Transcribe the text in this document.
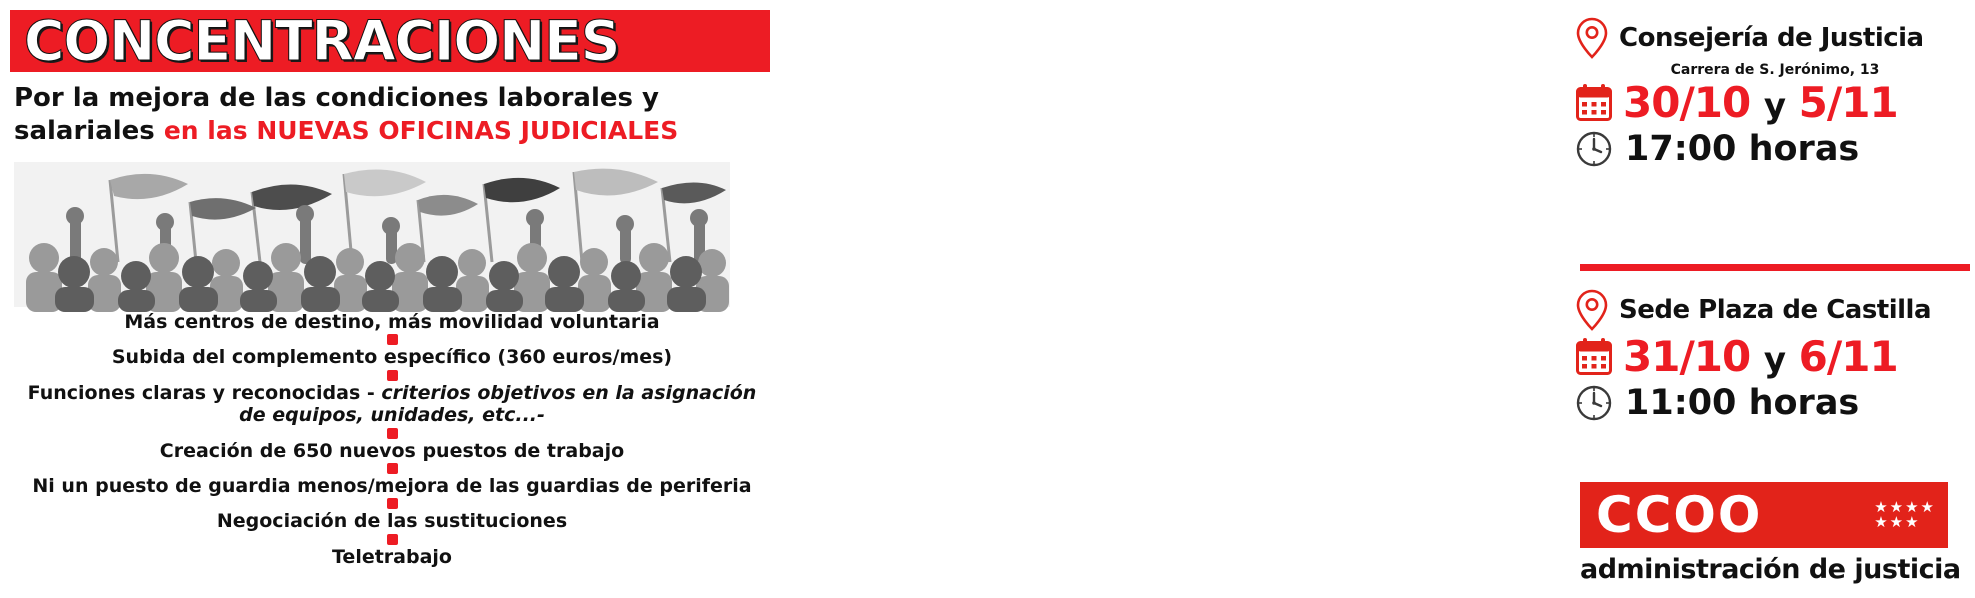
CONCENTRACIONES
Por la mejora de las condiciones laborales y
salariales en las NUEVAS OFICINAS JUDICIALES
Más centros de destino, más movilidad voluntaria
Subida del complemento específico (360 euros/mes)
Funciones claras y reconocidas - criterios objetivos en la asignación
de equipos, unidades, etc...-
Creación de 650 nuevos puestos de trabajo
Ni un puesto de guardia menos/mejora de las guardias de periferia
Negociación de las sustituciones
Teletrabajo
Consejería de Justicia
Carrera de S. Jerónimo, 13
30/10 y 5/11
17:00 horas
Sede Plaza de Castilla
31/10 y 6/11
11:00 horas
CCOO	★ ★ ★ ★
★ ★ ★
administración de justicia
